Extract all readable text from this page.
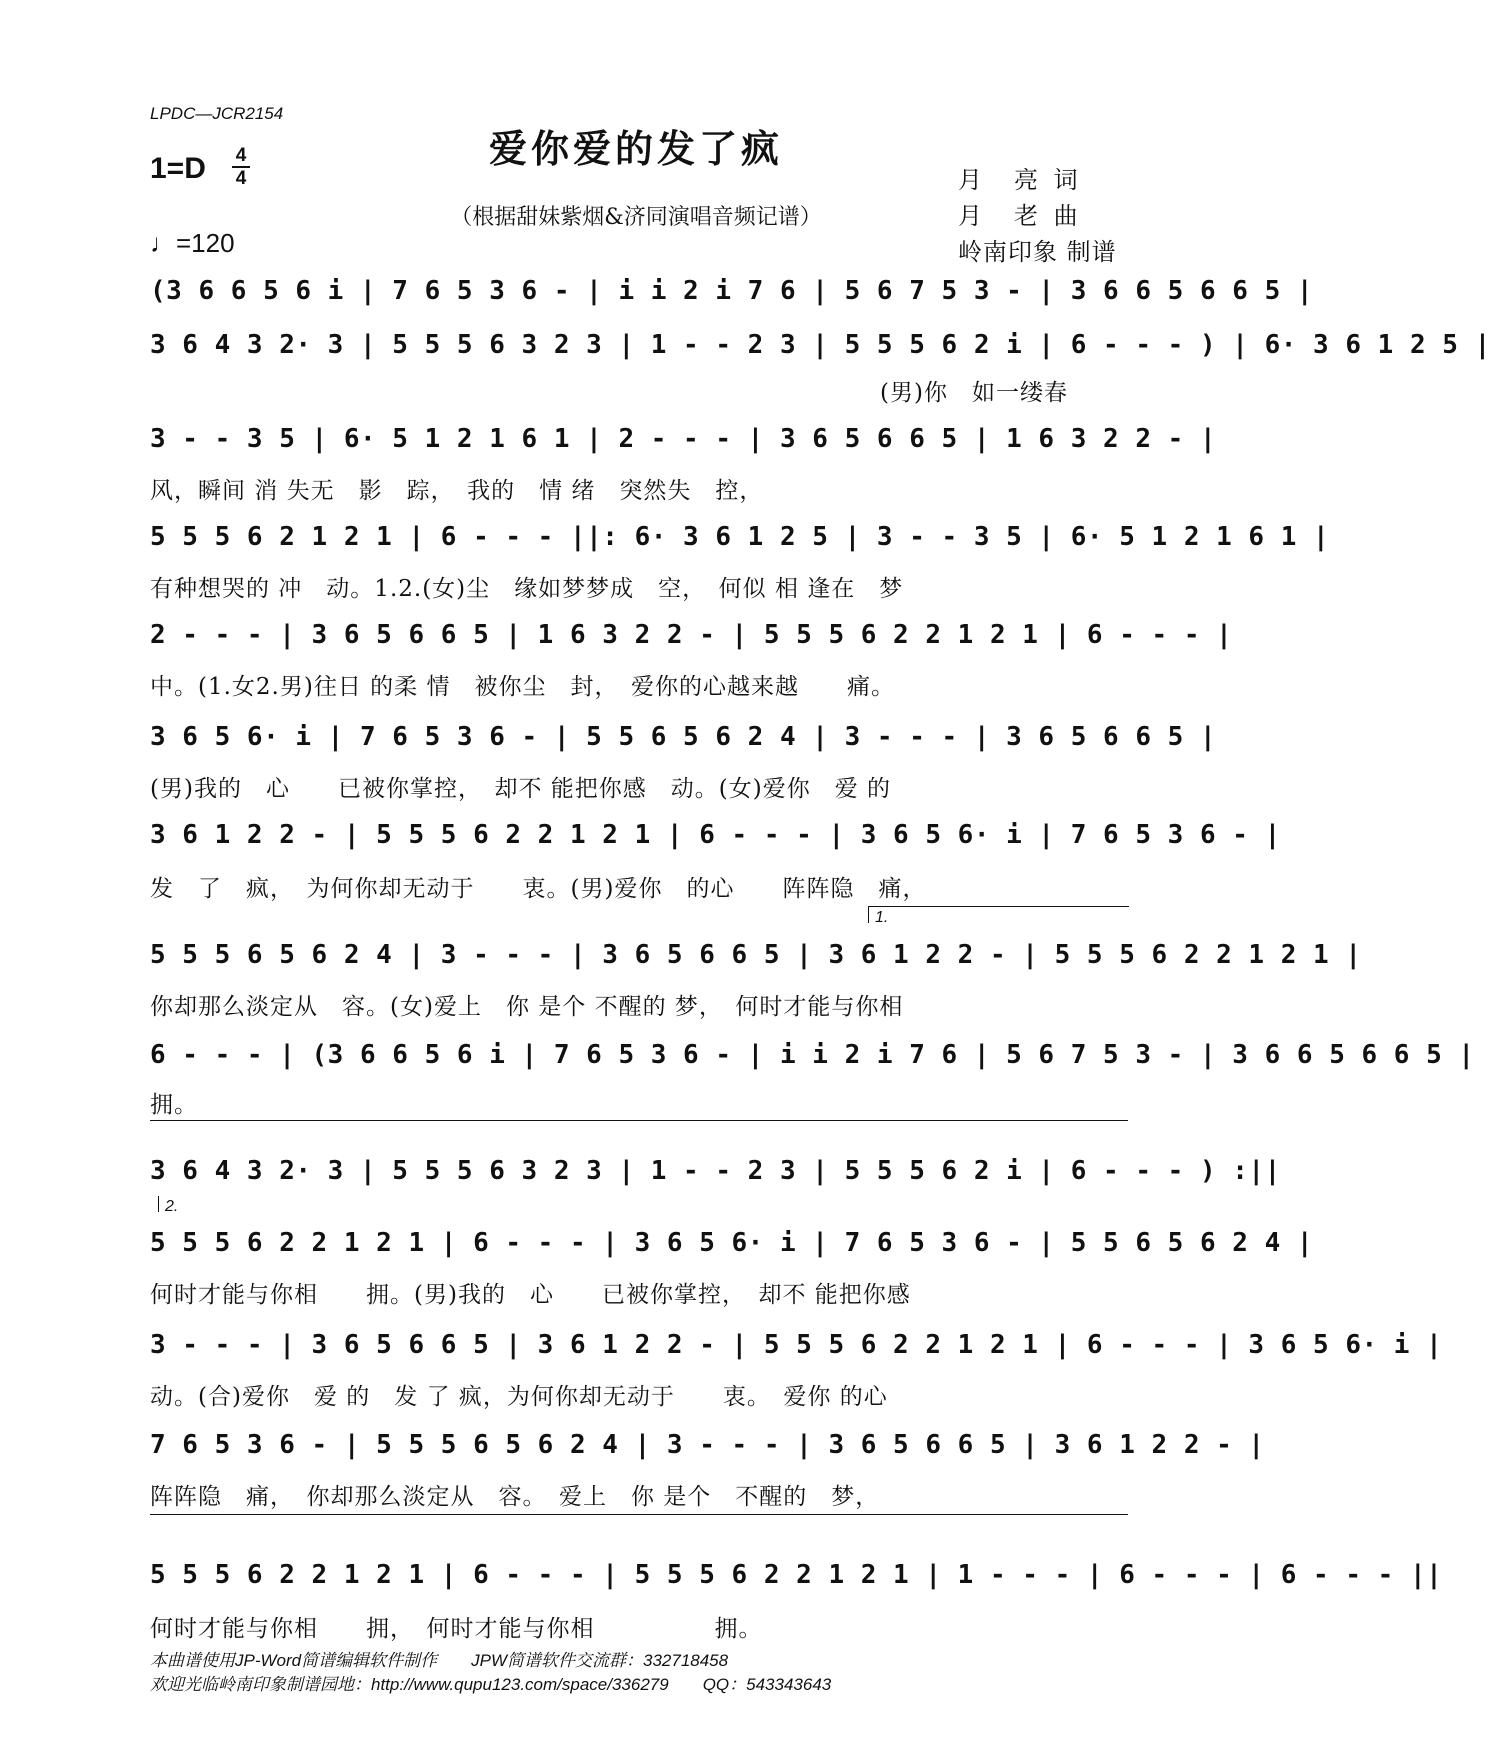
LPDC—JCR2154
爱你爱的发了疯
1=D 4
4
（根据甜妹紫烟&济同演唱音频记谱）
♩=120
月　亮 词
月　老 曲
岭南印象 制谱
(3 6 6 5 6 i | 7 6 5 3 6 - | i i 2 i 7 6 | 5 6 7 5 3 - | 3 6 6 5 6 6 5 |
3 6 4 3 2· 3 | 5 5 5 6 3 2 3 | 1 - - 2 3 | 5 5 5 6 2 i | 6 - - - ) | 6· 3 6 1 2 5 |
(男)你　如一缕春
3 - - 3 5 | 6· 5 1 2 1 6 1 | 2 - - - | 3 6 5 6 6 5 | 1 6 3 2 2 - |
风，瞬间 消 失无　影　踪，　我的　情 绪　突然失　控，
5 5 5 6 2 1 2 1 | 6 - - - ||: 6· 3 6 1 2 5 | 3 - - 3 5 | 6· 5 1 2 1 6 1 |
有种想哭的 冲　动。1.2.(女)尘　缘如梦梦成　空，　何似 相 逢在　梦
2 - - - | 3 6 5 6 6 5 | 1 6 3 2 2 - | 5 5 5 6 2 2 1 2 1 | 6 - - - |
中。(1.女2.男)往日 的柔 情　被你尘　封，　爱你的心越来越　　痛。
3 6 5 6· i | 7 6 5 3 6 - | 5 5 6 5 6 2 4 | 3 - - - | 3 6 5 6 6 5 |
(男)我的　心　　已被你掌控，　却不 能把你感　动。(女)爱你　爱 的
3 6 1 2 2 - | 5 5 5 6 2 2 1 2 1 | 6 - - - | 3 6 5 6· i | 7 6 5 3 6 - |
发　了　疯，　为何你却无动于　　衷。(男)爱你　的心　　阵阵隐　痛，
1.
5 5 5 6 5 6 2 4 | 3 - - - | 3 6 5 6 6 5 | 3 6 1 2 2 - | 5 5 5 6 2 2 1 2 1 |
你却那么淡定从　容。(女)爱上　你 是个 不醒的 梦，　何时才能与你相
6 - - - | (3 6 6 5 6 i | 7 6 5 3 6 - | i i 2 i 7 6 | 5 6 7 5 3 - | 3 6 6 5 6 6 5 |
拥。
3 6 4 3 2· 3 | 5 5 5 6 3 2 3 | 1 - - 2 3 | 5 5 5 6 2 i | 6 - - - ) :||
2.
5 5 5 6 2 2 1 2 1 | 6 - - - | 3 6 5 6· i | 7 6 5 3 6 - | 5 5 6 5 6 2 4 |
何时才能与你相　　拥。(男)我的　心　　已被你掌控，　却不 能把你感
3 - - - | 3 6 5 6 6 5 | 3 6 1 2 2 - | 5 5 5 6 2 2 1 2 1 | 6 - - - | 3 6 5 6· i |
动。(合)爱你　爱 的　发 了 疯，为何你却无动于　　衷。　爱你 的心
7 6 5 3 6 - | 5 5 5 6 5 6 2 4 | 3 - - - | 3 6 5 6 6 5 | 3 6 1 2 2 - |
阵阵隐　痛，　你却那么淡定从　容。　爱上　你 是个　不醒的　梦，
5 5 5 6 2 2 1 2 1 | 6 - - - | 5 5 5 6 2 2 1 2 1 | 1 - - - | 6 - - - | 6 - - - ||
何时才能与你相　　拥，　何时才能与你相　　　　　拥。
本曲谱使用JP-Word简谱编辑软件制作　　JPW简谱软件交流群：332718458
欢迎光临岭南印象制谱园地：http://www.qupu123.com/space/336279　　QQ：543343643
